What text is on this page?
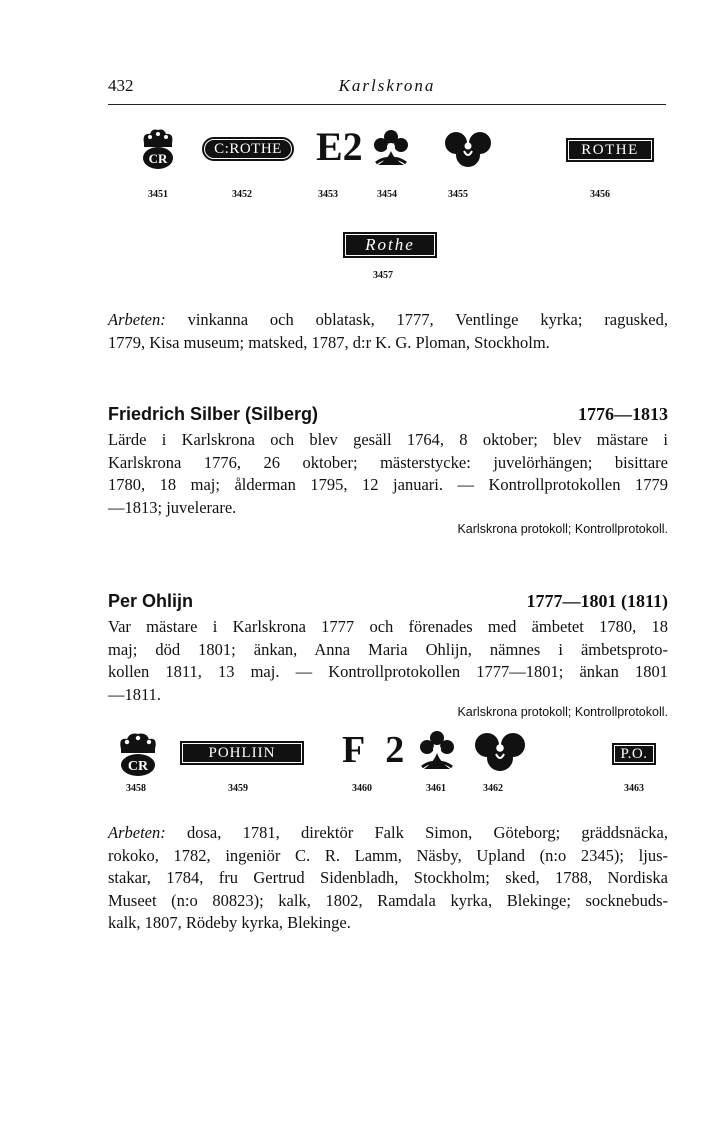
432	Karlskrona
CR
3451
C:ROTHE
3452
E2
3453	3454	3455
ROTHE
3456
Rothe
3457

Arbeten: vinkanna och oblatask, 1777, Ventlinge kyrka; ragusked,
1779, Kisa museum; matsked, 1787, d:r K. G. Ploman, Stockholm.

Friedrich Silber (Silberg)	1776—1813

Lärde i Karlskrona och blev gesäll 1764, 8 oktober; blev mästare i
Karlskrona 1776, 26 oktober; mästerstycke: juvelörhängen; bisittare
1780, 18 maj; ålderman 1795, 12 januari. — Kontrollprotokollen 1779
—1813; juvelerare.

Karlskrona protokoll; Kontrollprotokoll.
Per Ohlijn	1777—1801 (1811)

Var mästare i Karlskrona 1777 och förenades med ämbetet 1780, 18
maj; död 1801; änkan, Anna Maria Ohlijn, nämnes i ämbetsproto-
kollen 1811, 13 maj. — Kontrollprotokollen 1777—1801; änkan 1801
—1811.

Karlskrona protokoll; Kontrollprotokoll.
CR
3458
POHLIIN
3459
F 2
3460	3461	3462
P.O.
3463

Arbeten: dosa, 1781, direktör Falk Simon, Göteborg; gräddsnäcka,
rokoko, 1782, ingeniör C. R. Lamm, Näsby, Upland (n:o 2345); ljus-
stakar, 1784, fru Gertrud Sidenbladh, Stockholm; sked, 1788, Nordiska
Museet (n:o 80823); kalk, 1802, Ramdala kyrka, Blekinge; socknebuds-
kalk, 1807, Rödeby kyrka, Blekinge.
